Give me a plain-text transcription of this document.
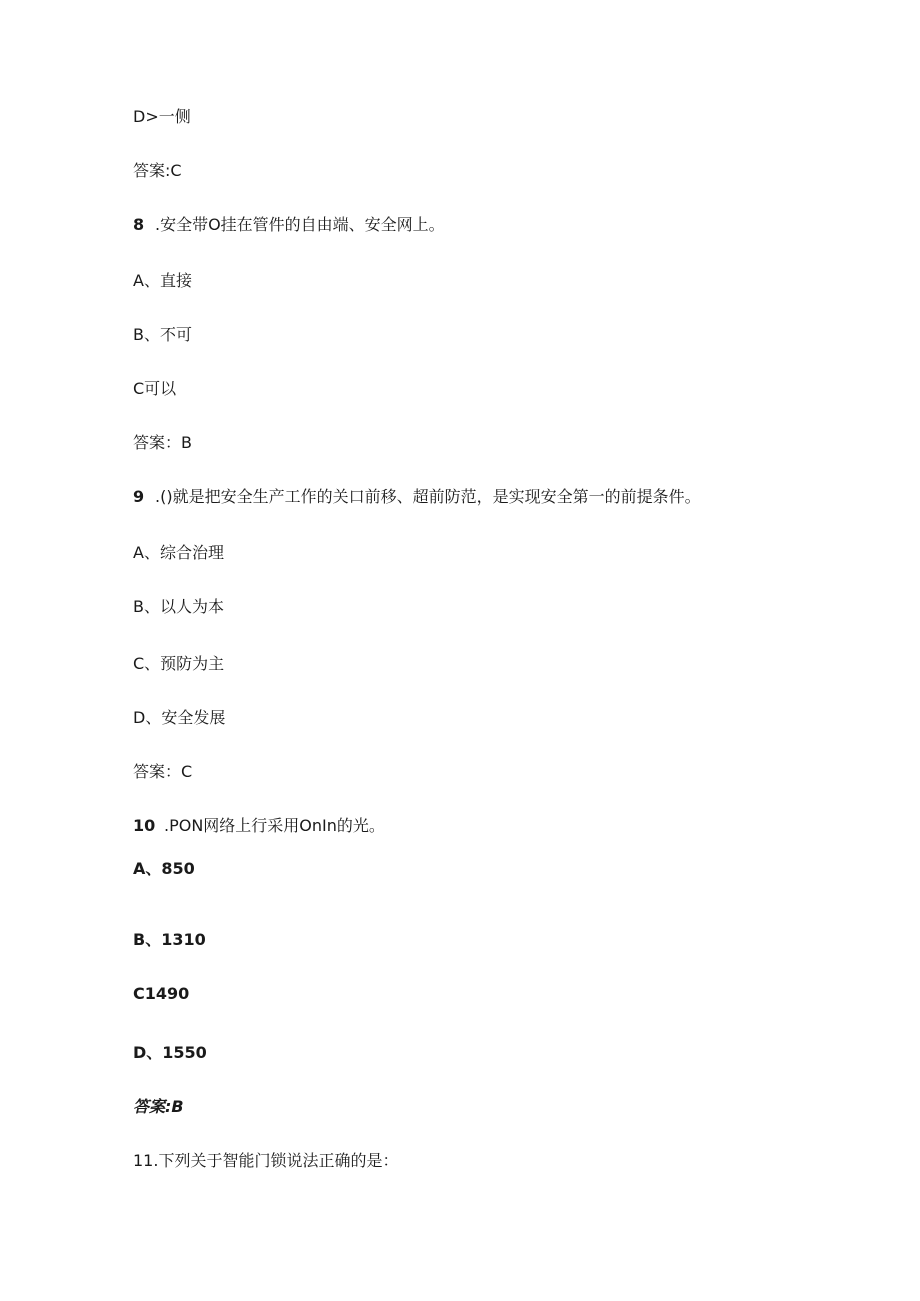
D>一侧
答案:C
8 .安全带O挂在管件的自由端、安全网上。
A、直接
B、不可
C可以
答案：B
9 .()就是把安全生产工作的关口前移、超前防范，是实现安全第一的前提条件。
A、综合治理
B、以人为本
C、预防为主
D、安全发展
答案：C
10 .PON网络上行采用OnIn的光。
A、850
B、1310
C1490
D、1550
答案:B
11.下列关于智能门锁说法正确的是：
